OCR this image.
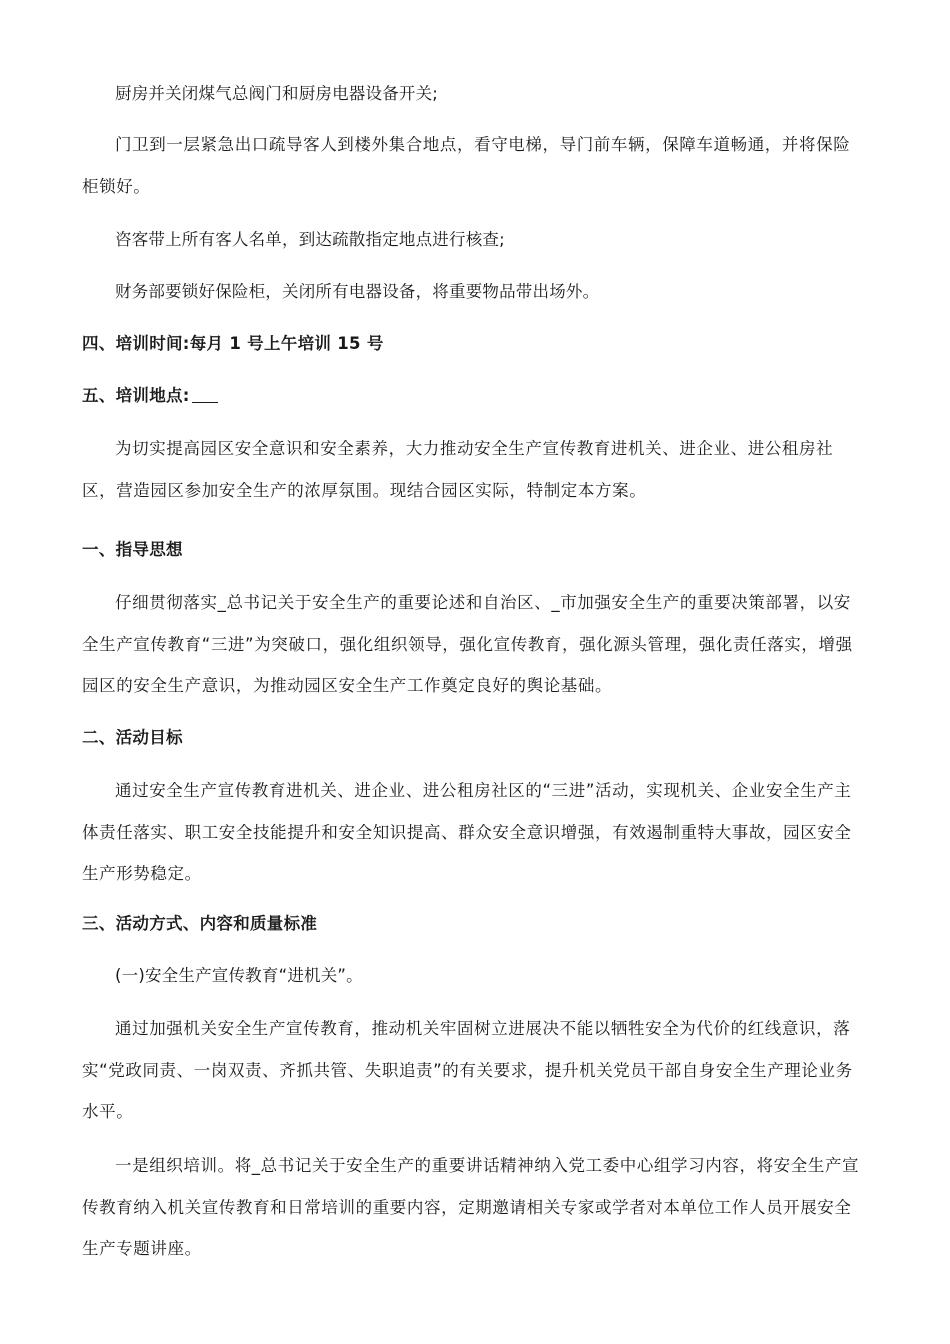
厨房并关闭煤气总阀门和厨房电器设备开关;
门卫到一层紧急出口疏导客人到楼外集合地点，看守电梯，导门前车辆，保障车道畅通，并将保险柜锁好。
咨客带上所有客人名单，到达疏散指定地点进行核查;
财务部要锁好保险柜，关闭所有电器设备，将重要物品带出场外。
四、培训时间:每月 1 号上午培训 15 号
五、培训地点:
为切实提高园区安全意识和安全素养，大力推动安全生产宣传教育进机关、进企业、进公租房社区，营造园区参加安全生产的浓厚氛围。现结合园区实际，特制定本方案。
一、指导思想
仔细贯彻落实_总书记关于安全生产的重要论述和自治区、_市加强安全生产的重要决策部署，以安全生产宣传教育“三进”为突破口，强化组织领导，强化宣传教育，强化源头管理，强化责任落实，增强园区的安全生产意识，为推动园区安全生产工作奠定良好的舆论基础。
二、活动目标
通过安全生产宣传教育进机关、进企业、进公租房社区的“三进”活动，实现机关、企业安全生产主体责任落实、职工安全技能提升和安全知识提高、群众安全意识增强，有效遏制重特大事故，园区安全生产形势稳定。
三、活动方式、内容和质量标准
(一)安全生产宣传教育“进机关”。
通过加强机关安全生产宣传教育，推动机关牢固树立进展决不能以牺牲安全为代价的红线意识，落实“党政同责、一岗双责、齐抓共管、失职追责”的有关要求，提升机关党员干部自身安全生产理论业务水平。
一是组织培训。将_总书记关于安全生产的重要讲话精神纳入党工委中心组学习内容，将安全生产宣传教育纳入机关宣传教育和日常培训的重要内容，定期邀请相关专家或学者对本单位工作人员开展安全生产专题讲座。
